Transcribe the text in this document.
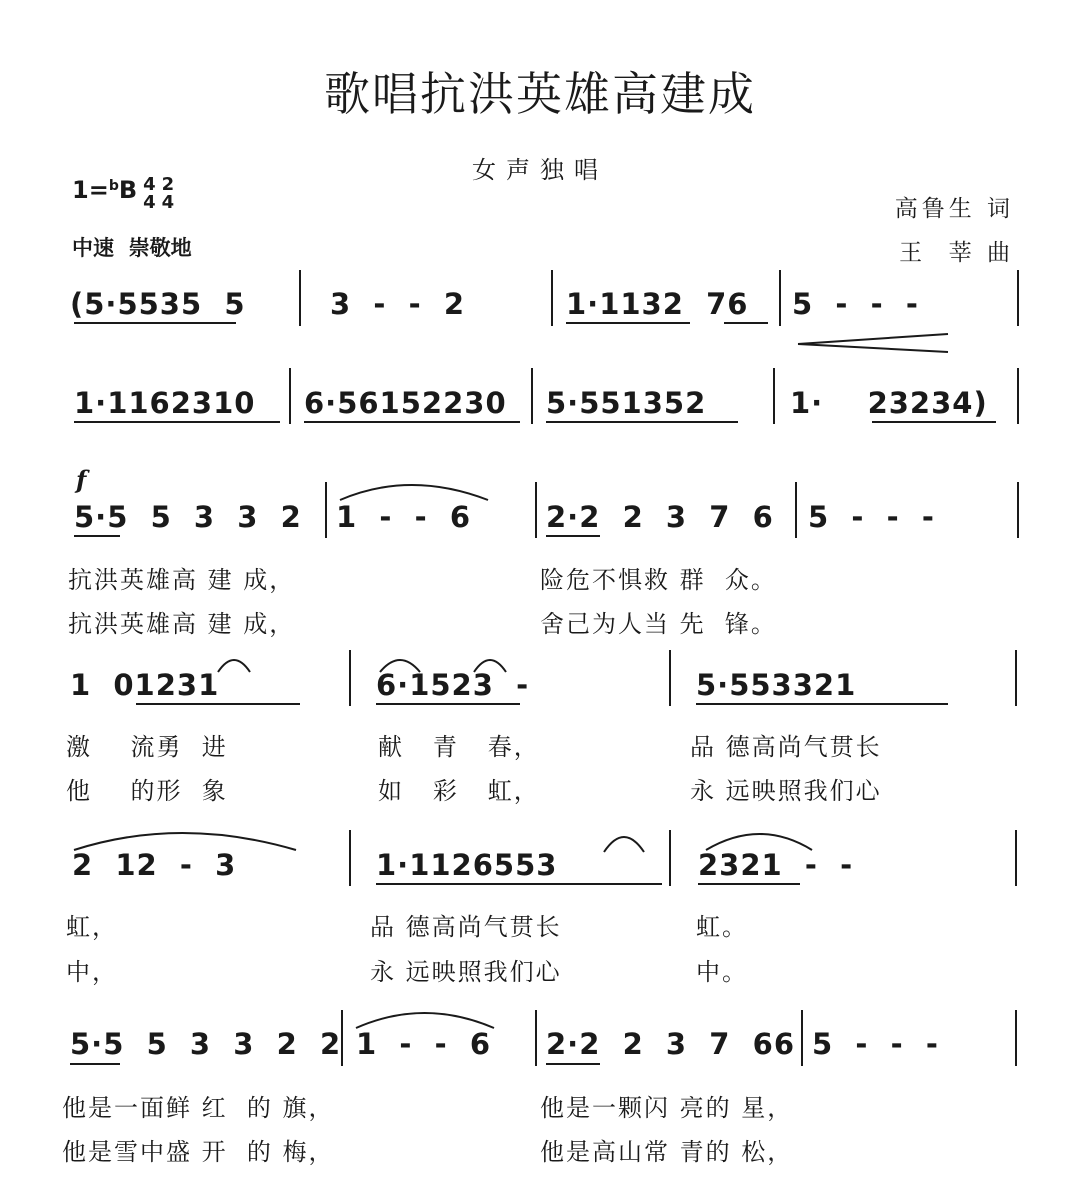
歌唱抗洪英雄高建成
女声独唱
1=$^b$B 4
42
4
中速  崇敬地
高鲁生 词
王  莘 曲
(5·5535  5	3  -  -  2	1·1132  76 5  -  -  -
1·1162310 6·56152230 5·551352	1·    23234)
f
5·5  5  3  3  2 1  -  -  6	2·2  2  3  7  6 5  -  -  -
抗洪英雄高 建 成，	险危不惧救 群  众。
抗洪英雄高 建 成，	舍己为人当 先  锋。
1  01231	6·1523  -	5·553321
激    流勇  进	献   青   春，	品 德高尚气贯长
他    的形  象	如   彩   虹，	永 远映照我们心
2  12  -  3	1·1126553	2321  -  -
虹，	品 德高尚气贯长	虹。
中，	永 远映照我们心	中。
5·5  5  3  3  2  2 1  -  -  6 2·2  2  3  7  66 5  -  -  -
他是一面鲜 红  的 旗，	他是一颗闪 亮的 星，
他是雪中盛 开  的 梅，	他是高山常 青的 松，
